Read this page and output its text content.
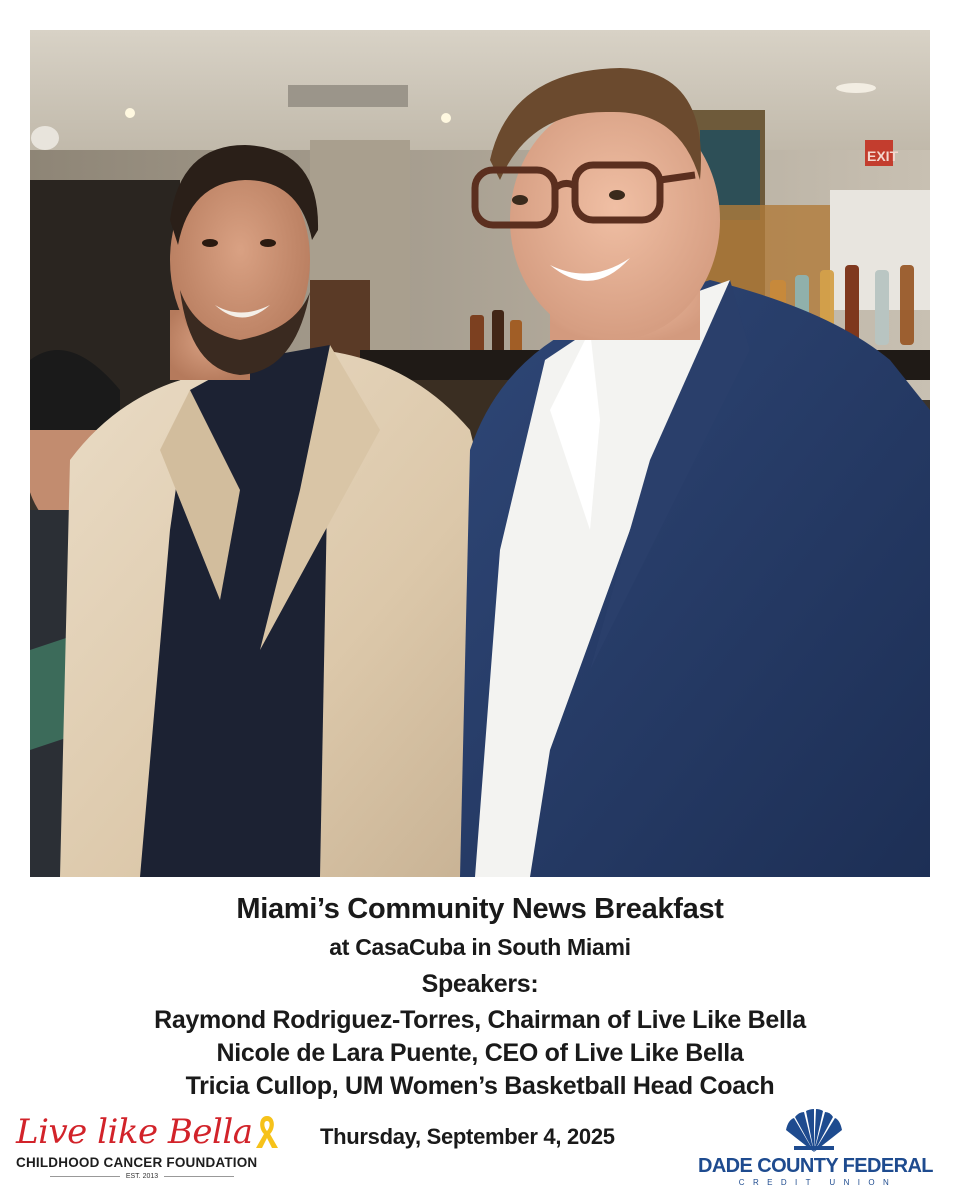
EXIT

Miami’s Community News Breakfast

at CasaCuba in South Miami

Speakers:

Raymond Rodriguez-Torres, Chairman of Live Like Bella

Nicole de Lara Puente, CEO of Live Like Bella

Tricia Cullop, UM Women’s Basketball Head Coach

Live like Bella
CHILDHOOD CANCER FOUNDATION
EST. 2013

Thursday, September 4, 2025

DADE COUNTY FEDERAL
CREDIT UNION
